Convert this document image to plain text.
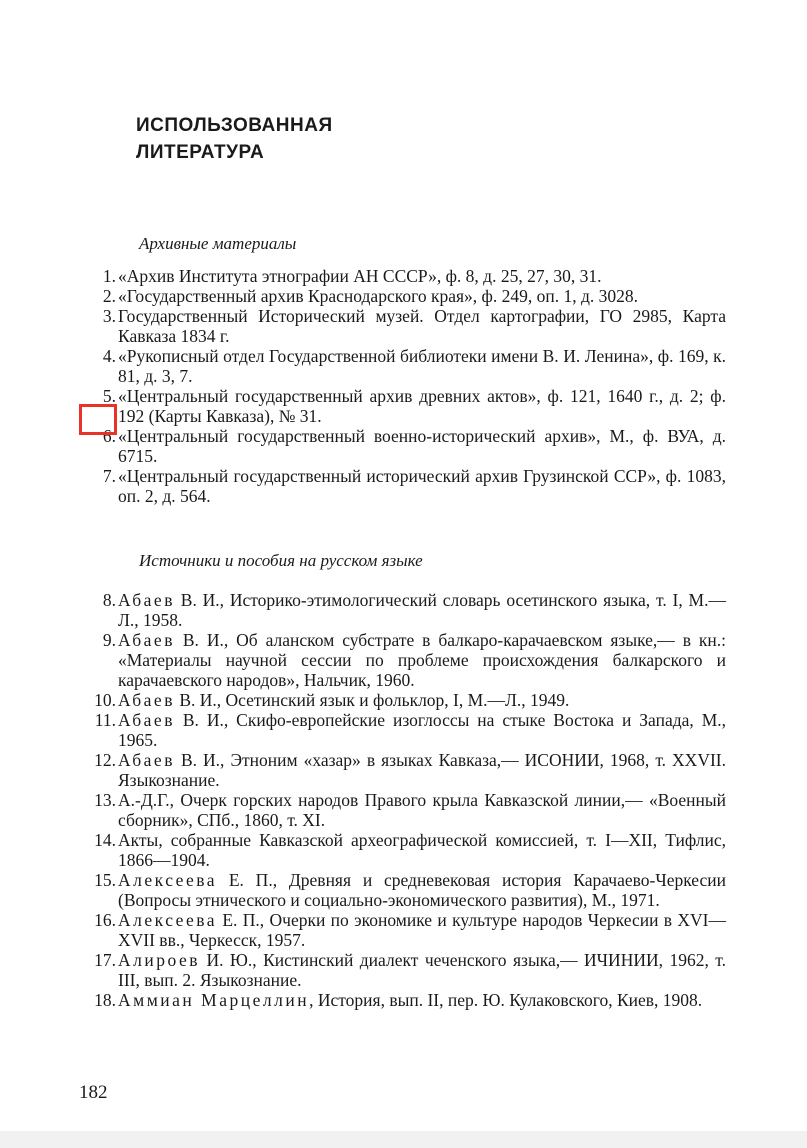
ИСПОЛЬЗОВАННАЯ
ЛИТЕРАТУРА
Архивные материалы
1. «Архив Института этнографии АН СССР», ф. 8, д. 25, 27, 30, 31.
2. «Государственный архив Краснодарского края», ф. 249, оп. 1, д. 3028.
3. Государственный Исторический музей. Отдел картографии, ГО 2985, Карта Кавказа 1834 г.
4. «Рукописный отдел Государственной библиотеки имени В. И. Ленина», ф. 169, к. 81, д. 3, 7.
5. «Центральный государственный архив древних актов», ф. 121, 1640 г., д. 2; ф. 192 (Карты Кавказа), № 31.
6. «Центральный государственный военно-исторический архив», М., ф. ВУА, д. 6715.
7. «Центральный государственный исторический архив Грузинской ССР», ф. 1083, оп. 2, д. 564.
Источники и пособия на русском языке
8. Абаев В. И., Историко-этимологический словарь осетинского языка, т. I, М.—Л., 1958.
9. Абаев В. И., Об аланском субстрате в балкаро-карачаевском языке,— в кн.: «Материалы научной сессии по проблеме происхождения балкарского и карачаевского народов», Нальчик, 1960.
10. Абаев В. И., Осетинский язык и фольклор, I, М.—Л., 1949.
11. Абаев В. И., Скифо-европейские изоглоссы на стыке Востока и Запада, М., 1965.
12. Абаев В. И., Этноним «хазар» в языках Кавказа,— ИСОНИИ, 1968, т. XXVII. Языкознание.
13. А.-Д.Г., Очерк горских народов Правого крыла Кавказской линии,— «Военный сборник», СПб., 1860, т. XI.
14. Акты, собранные Кавказской археографической комиссией, т. I—XII, Тифлис, 1866—1904.
15. Алексеева Е. П., Древняя и средневековая история Карачаево-Черкесии (Вопросы этнического и социально-экономического развития), М., 1971.
16. Алексеева Е. П., Очерки по экономике и культуре народов Черкесии в XVI—XVII вв., Черкесск, 1957.
17. Алироев И. Ю., Кистинский диалект чеченского языка,— ИЧИНИИ, 1962, т. III, вып. 2. Языкознание.
18. Аммиан Марцеллин, История, вып. II, пер. Ю. Кулаковского, Киев, 1908.
182
